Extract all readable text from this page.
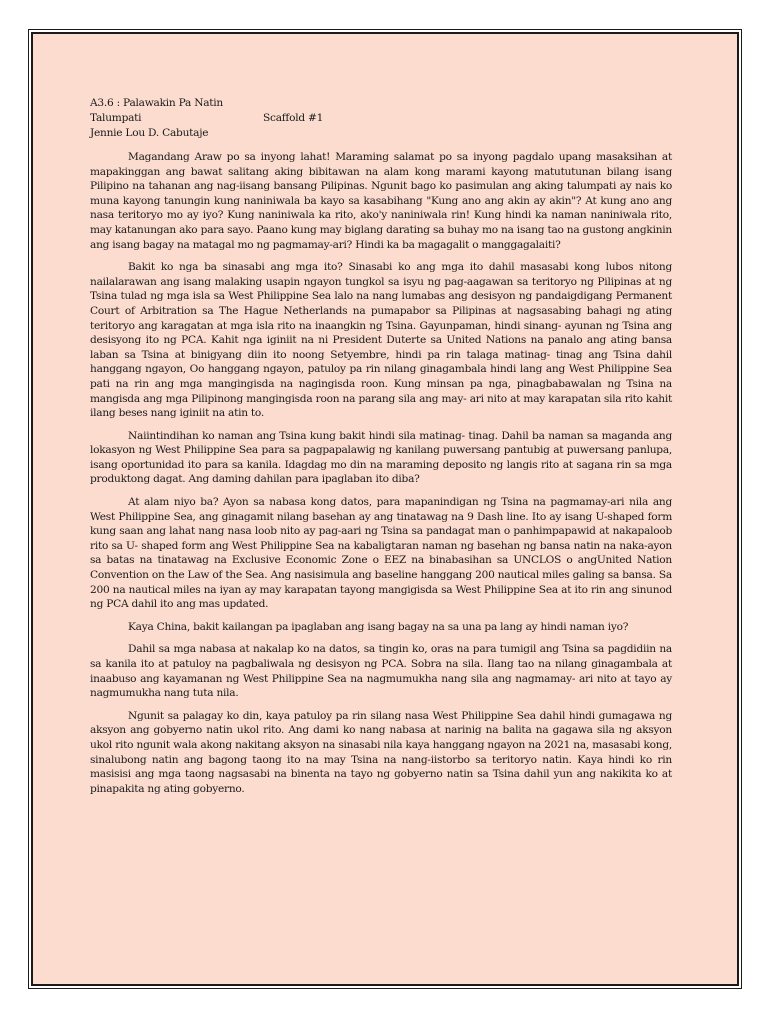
A3.6 : Palawakin Pa Natin
Talumpati	Scaffold #1
Jennie Lou D. Cabutaje

Magandang Araw po sa inyong lahat! Maraming salamat po sa inyong pagdalo upang masaksihan at mapakinggan ang bawat salitang aking bibitawan na alam kong marami kayong matututunan bilang isang Pilipino na tahanan ang nag-iisang bansang Pilipinas. Ngunit bago ko pasimulan ang aking talumpati ay nais ko muna kayong tanungin kung naniniwala ba kayo sa kasabihang "Kung ano ang akin ay akin"? At kung ano ang nasa teritoryo mo ay iyo? Kung naniniwala ka rito, ako'y naniniwala rin! Kung hindi ka naman naniniwala rito, may katanungan ako para sayo. Paano kung may biglang darating sa buhay mo na isang tao na gustong angkinin ang isang bagay na matagal mo ng pagmamay-ari? Hindi ka ba magagalit o manggagalaiti?

Bakit ko nga ba sinasabi ang mga ito? Sinasabi ko ang mga ito dahil masasabi kong lubos nitong nailalarawan ang isang malaking usapin ngayon tungkol sa isyu ng pag-aagawan sa teritoryo ng Pilipinas at ng Tsina tulad ng mga isla sa West Philippine Sea lalo na nang lumabas ang desisyon ng pandaigdigang Permanent Court of Arbitration sa The Hague Netherlands na pumapabor sa Pilipinas at nagsasabing bahagi ng ating teritoryo ang karagatan at mga isla rito na inaangkin ng Tsina. Gayunpaman, hindi sinang- ayunan ng Tsina ang desisyong ito ng PCA. Kahit nga iginiit na ni President Duterte sa United Nations na panalo ang ating bansa laban sa Tsina at binigyang diin ito noong Setyembre, hindi pa rin talaga matinag- tinag ang Tsina dahil hanggang ngayon, Oo hanggang ngayon, patuloy pa rin nilang ginagambala hindi lang ang West Philippine Sea pati na rin ang mga mangingisda na nagingisda roon. Kung minsan pa nga, pinagbabawalan ng Tsina na mangisda ang mga Pilipinong mangingisda roon na parang sila ang may- ari nito at may karapatan sila rito kahit ilang beses nang iginiit na atin to.

Naiintindihan ko naman ang Tsina kung bakit hindi sila matinag- tinag. Dahil ba naman sa maganda ang lokasyon ng West Philippine Sea para sa pagpapalawig ng kanilang puwersang pantubig at puwersang panlupa, isang oportunidad ito para sa kanila. Idagdag mo din na maraming deposito ng langis rito at sagana rin sa mga produktong dagat. Ang daming dahilan para ipaglaban ito diba?

At alam niyo ba? Ayon sa nabasa kong datos, para mapanindigan ng Tsina na pagmamay-ari nila ang West Philippine Sea, ang ginagamit nilang basehan ay ang tinatawag na 9 Dash line. Ito ay isang U-shaped form kung saan ang lahat nang nasa loob nito ay pag-aari ng Tsina sa pandagat man o panhimpapawid at nakapaloob rito sa U- shaped form ang West Philippine Sea na kabaligtaran naman ng basehan ng bansa natin na naka-ayon sa batas na tinatawag na Exclusive Economic Zone o EEZ na binabasihan sa UNCLOS o angUnited Nation Convention on the Law of the Sea. Ang nasisimula ang baseline hanggang 200 nautical miles galing sa bansa. Sa 200 na nautical miles na iyan ay may karapatan tayong mangigisda sa West Philippine Sea at ito rin ang sinunod ng PCA dahil ito ang mas updated.

Kaya China, bakit kailangan pa ipaglaban ang isang bagay na sa una pa lang ay hindi naman iyo?

Dahil sa mga nabasa at nakalap ko na datos, sa tingin ko, oras na para tumigil ang Tsina sa pagdidiin na sa kanila ito at patuloy na pagbaliwala ng desisyon ng PCA. Sobra na sila. Ilang tao na nilang ginagambala at inaabuso ang kayamanan ng West Philippine Sea na nagmumukha nang sila ang nagmamay- ari nito at tayo ay nagmumukha nang tuta nila.

Ngunit sa palagay ko din, kaya patuloy pa rin silang nasa West Philippine Sea dahil hindi gumagawa ng aksyon ang gobyerno natin ukol rito. Ang dami ko nang nabasa at narinig na balita na gagawa sila ng aksyon ukol rito ngunit wala akong nakitang aksyon na sinasabi nila kaya hanggang ngayon na 2021 na, masasabi kong, sinalubong natin ang bagong taong ito na may Tsina na nang-iistorbo sa teritoryo natin. Kaya hindi ko rin masisisi ang mga taong nagsasabi na binenta na tayo ng gobyerno natin sa Tsina dahil yun ang nakikita ko at pinapakita ng ating gobyerno.
